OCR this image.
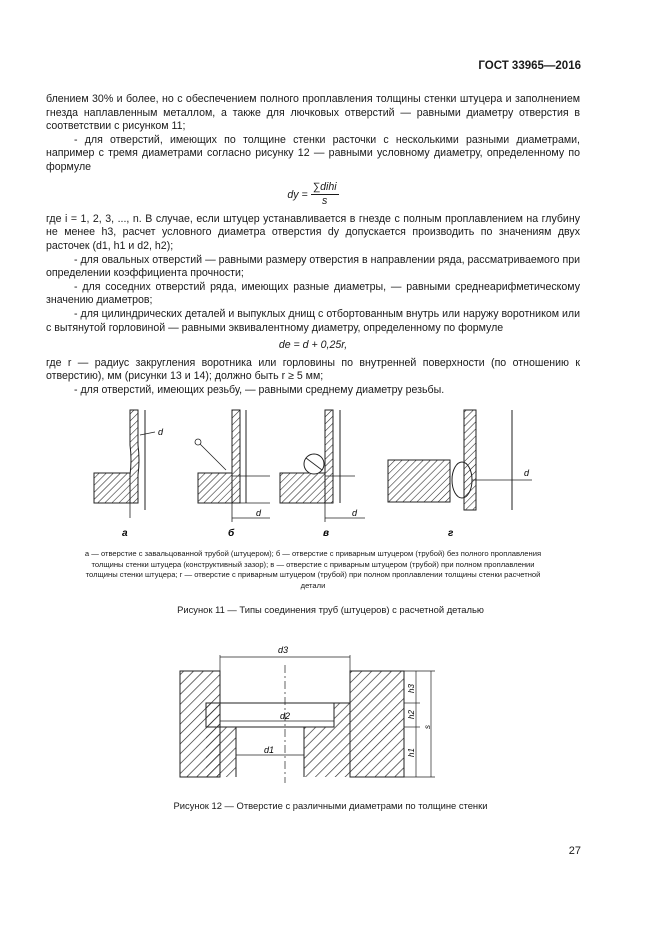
ГОСТ 33965—2016

блением 30% и более, но с обеспечением полного проплавления толщины стенки штуцера и заполнением гнезда наплавленным металлом, а также для лючковых отверстий — равными диаметру отверстия в соответствии с рисунком 11;

- для отверстий, имеющих по толщине стенки расточки с несколькими разными диаметрами, например с тремя диаметрами согласно рисунку 12 — равными условному диаметру, определенному по формуле

dy = $\frac{\text{∑dihi}}{s}$

где i = 1, 2, 3, ..., n. В случае, если штуцер устанавливается в гнезде с полным проплавлением на глубину не менее h3, расчет условного диаметра отверстия dy допускается производить по значениям двух расточек (d1, h1 и d2, h2);

- для овальных отверстий — равными размеру отверстия в направлении ряда, рассматриваемого при определении коэффициента прочности;

- для соседних отверстий ряда, имеющих разные диаметры, — равными среднеарифметическому значению диаметров;

- для цилиндрических деталей и выпуклых днищ с отбортованным внутрь или наружу воротником или с вытянутой горловиной — равными эквивалентному диаметру, определенному по формуле

de = d + 0,25r,

где r — радиус закругления воротника или горловины по внутренней поверхности (по отношению к отверстию), мм (рисунки 13 и 14); должно быть r ≥ 5 мм;

- для отверстий, имеющих резьбу, — равными среднему диаметру резьбы.

d
а
d
б
d
в
d
г
а — отверстие с завальцованной трубой (штуцером); б — отверстие с приварным штуцером (трубой) без полного проплавления
толщины стенки штуцера (конструктивный зазор); в — отверстие с приварным штуцером (трубой) при полном проплавлении
толщины стенки штуцера; г — отверстие с приварным штуцером (трубой) при полном проплавлении толщины стенки расчетной
детали
Рисунок 11 — Типы соединения труб (штуцеров) с расчетной деталью
d3
d2
d1
h3
h2
h1
s
Рисунок 12 — Отверстие с различными диаметрами по толщине стенки
27
